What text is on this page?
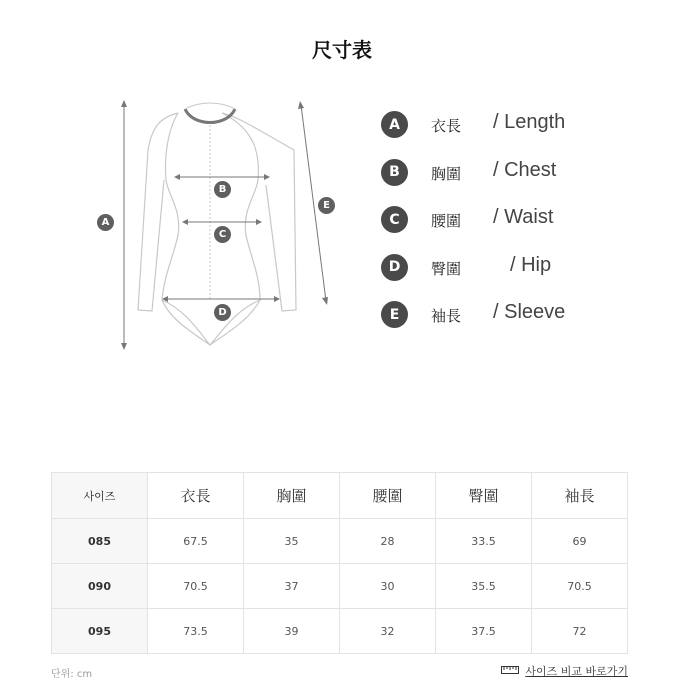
尺寸表
A
B
C
D
E
A	衣長 / Length
B	胸圍 / Chest
C	腰圍 / Waist
D	臀圍 / Hip
E	袖長 / Sleeve
사이즈	衣長	胸圍	腰圍	臀圍	袖長
085	67.5	35	28	33.5	69
090	70.5	37	30	35.5	70.5
095	73.5	39	32	37.5	72
단위: cm	사이즈 비교 바로가기
